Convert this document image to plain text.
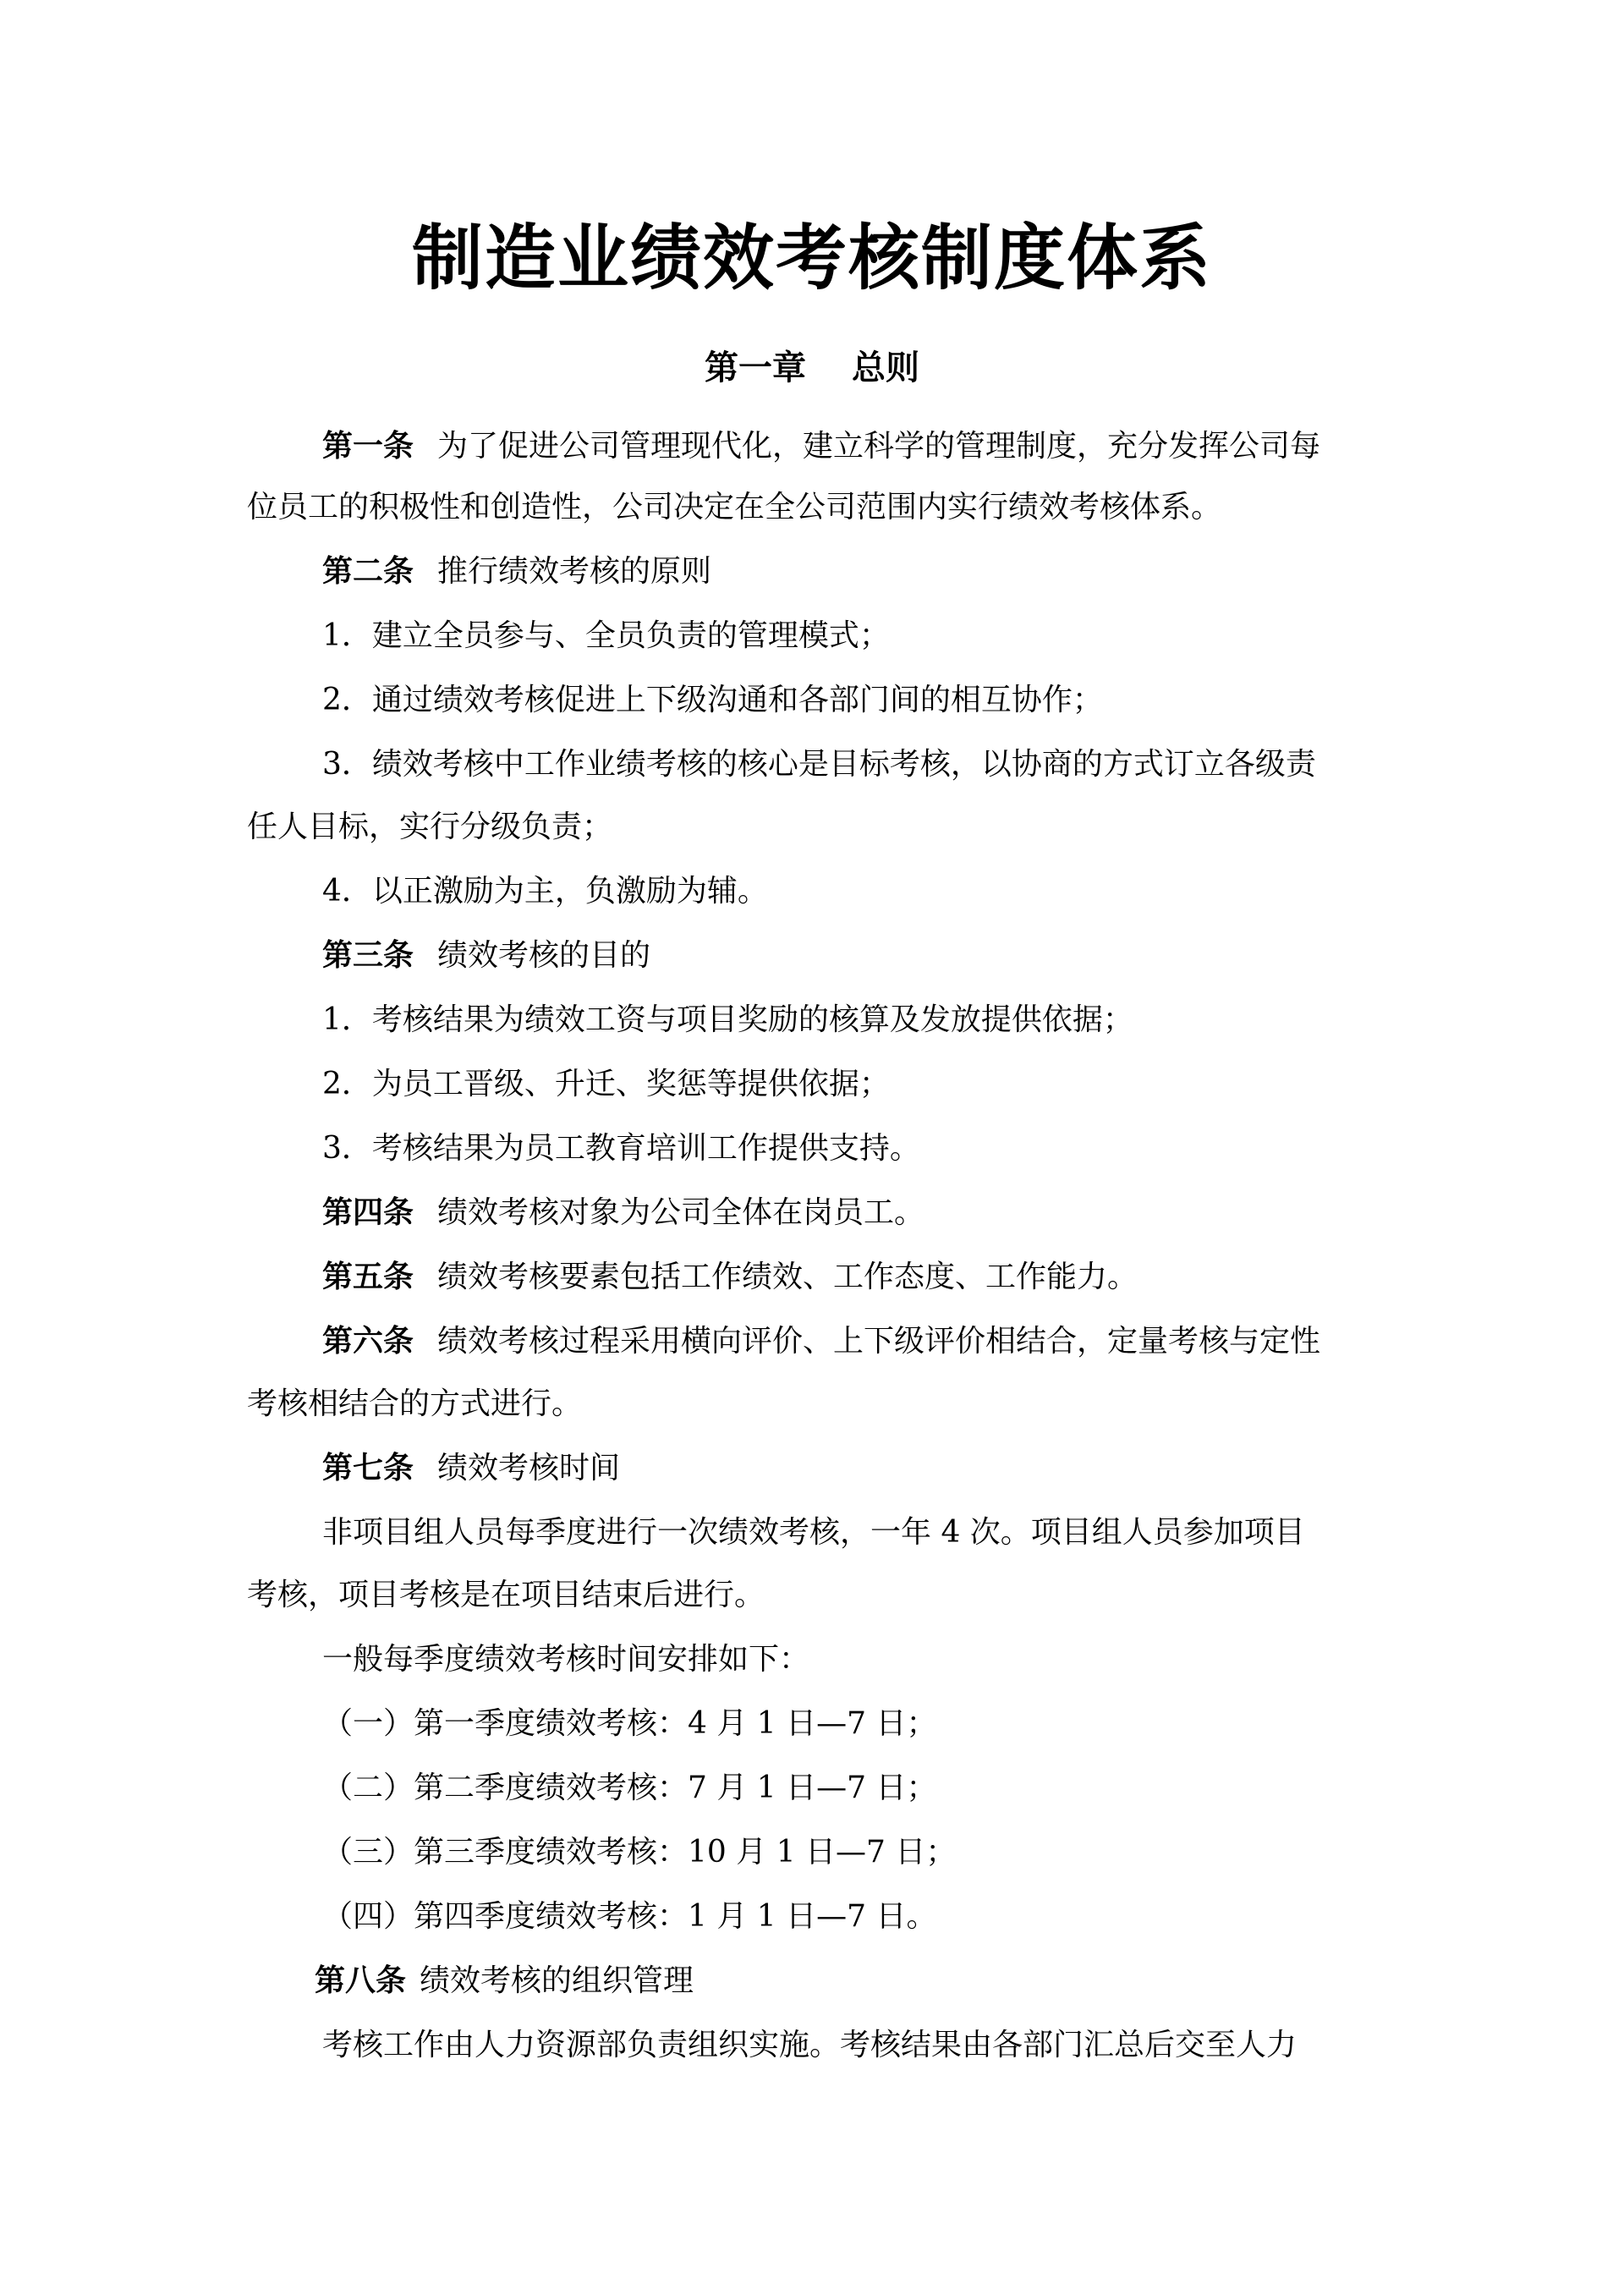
制造业绩效考核制度体系
第一章　 总则
第一条 为了促进公司管理现代化，建立科学的管理制度，充分发挥公司每
位员工的积极性和创造性，公司决定在全公司范围内实行绩效考核体系。
第二条 推行绩效考核的原则
1．建立全员参与、全员负责的管理模式；
2．通过绩效考核促进上下级沟通和各部门间的相互协作；
3．绩效考核中工作业绩考核的核心是目标考核，以协商的方式订立各级责
任人目标，实行分级负责；
4．以正激励为主，负激励为辅。
第三条 绩效考核的目的
1．考核结果为绩效工资与项目奖励的核算及发放提供依据；
2．为员工晋级、升迁、奖惩等提供依据；
3．考核结果为员工教育培训工作提供支持。
第四条 绩效考核对象为公司全体在岗员工。
第五条 绩效考核要素包括工作绩效、工作态度、工作能力。
第六条 绩效考核过程采用横向评价、上下级评价相结合，定量考核与定性
考核相结合的方式进行。
第七条 绩效考核时间
非项目组人员每季度进行一次绩效考核，一年 4 次。项目组人员参加项目
考核，项目考核是在项目结束后进行。
一般每季度绩效考核时间安排如下：
（一）第一季度绩效考核：4 月 1 日—7 日；
（二）第二季度绩效考核：7 月 1 日—7 日；
（三）第三季度绩效考核：10 月 1 日—7 日；
（四）第四季度绩效考核：1 月 1 日—7 日。
第八条 绩效考核的组织管理
考核工作由人力资源部负责组织实施。考核结果由各部门汇总后交至人力
